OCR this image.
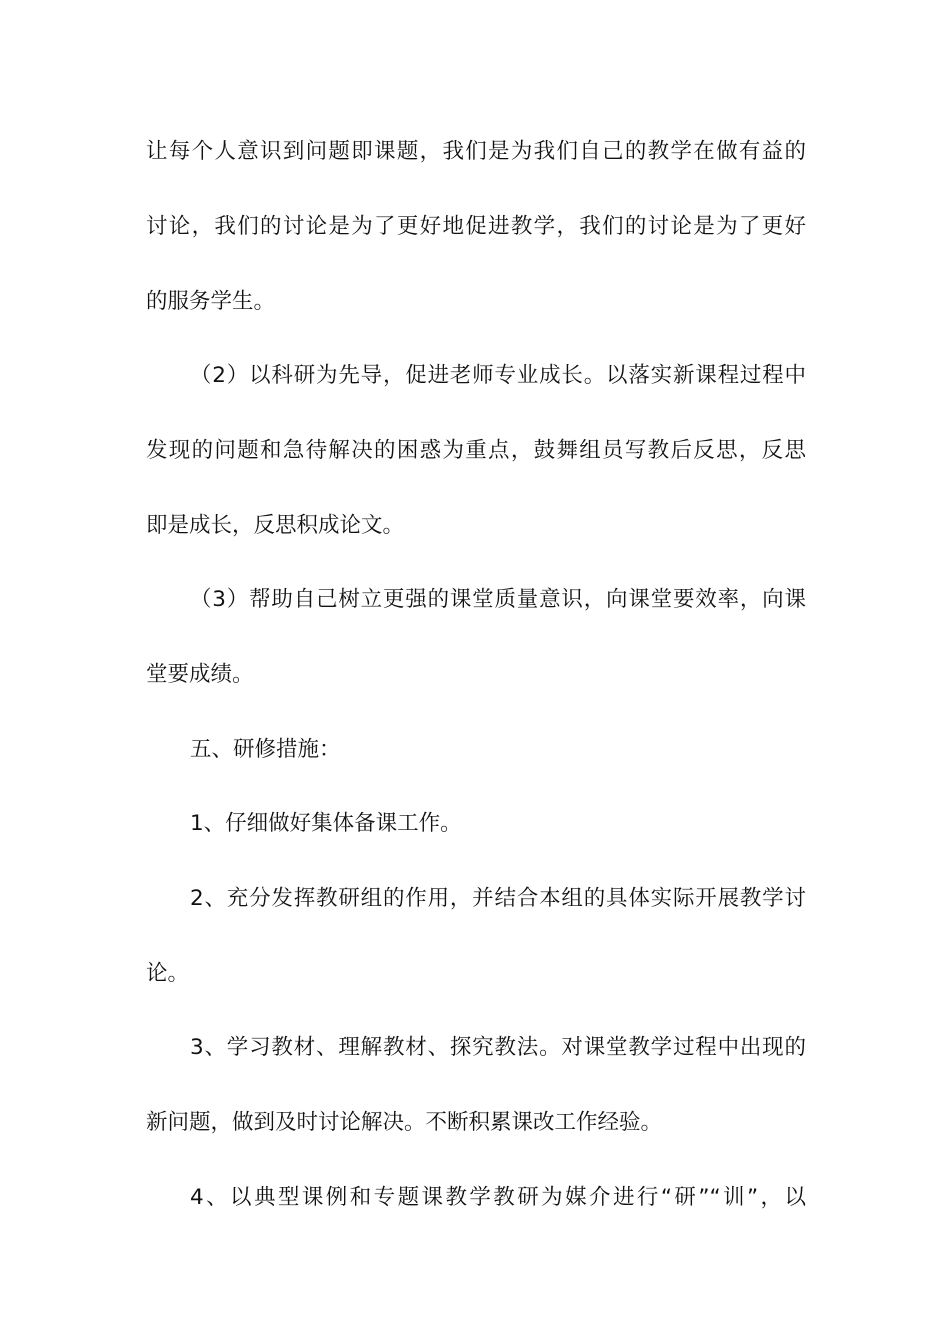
让每个人意识到问题即课题，我们是为我们自己的教学在做有益的
讨论，我们的讨论是为了更好地促进教学，我们的讨论是为了更好
的服务学生。
（2）以科研为先导，促进老师专业成长。以落实新课程过程中
发现的问题和急待解决的困惑为重点，鼓舞组员写教后反思，反思
即是成长，反思积成论文。
（3）帮助自己树立更强的课堂质量意识，向课堂要效率，向课
堂要成绩。
五、研修措施：
1、仔细做好集体备课工作。
2、充分发挥教研组的作用，并结合本组的具体实际开展教学讨
论。
3、学习教材、理解教材、探究教法。对课堂教学过程中出现的
新问题，做到及时讨论解决。不断积累课改工作经验。
4、以典型课例和专题课教学教研为媒介进行“研”“训”，以
